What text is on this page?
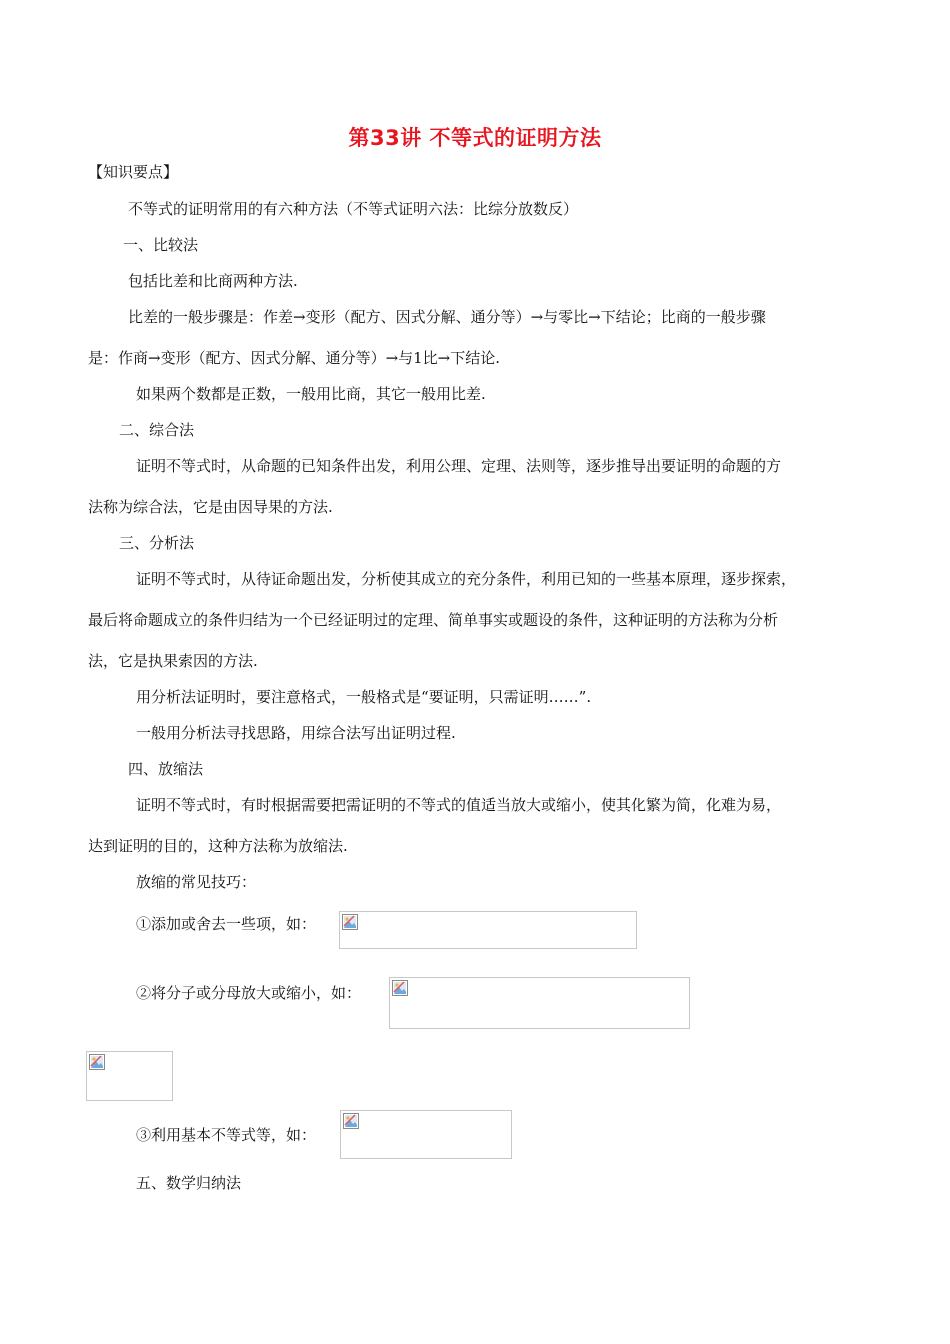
第33讲 不等式的证明方法
【知识要点】
不等式的证明常用的有六种方法（不等式证明六法：比综分放数反）
一、比较法
包括比差和比商两种方法.
比差的一般步骤是：作差→变形（配方、因式分解、通分等）→与零比→下结论；比商的一般步骤
是：作商→变形（配方、因式分解、通分等）→与1比→下结论.
如果两个数都是正数，一般用比商，其它一般用比差.
二、综合法
证明不等式时，从命题的已知条件出发，利用公理、定理、法则等，逐步推导出要证明的命题的方
法称为综合法，它是由因导果的方法.
三、分析法
证明不等式时，从待证命题出发，分析使其成立的充分条件，利用已知的一些基本原理，逐步探索，
最后将命题成立的条件归结为一个已经证明过的定理、简单事实或题设的条件，这种证明的方法称为分析
法，它是执果索因的方法.
用分析法证明时，要注意格式，一般格式是“要证明，只需证明……”.
一般用分析法寻找思路，用综合法写出证明过程.
四、放缩法
证明不等式时，有时根据需要把需证明的不等式的值适当放大或缩小，使其化繁为简，化难为易，
达到证明的目的，这种方法称为放缩法.
放缩的常见技巧：
①添加或舍去一些项，如：
②将分子或分母放大或缩小，如：
③利用基本不等式等，如：
五、数学归纳法
